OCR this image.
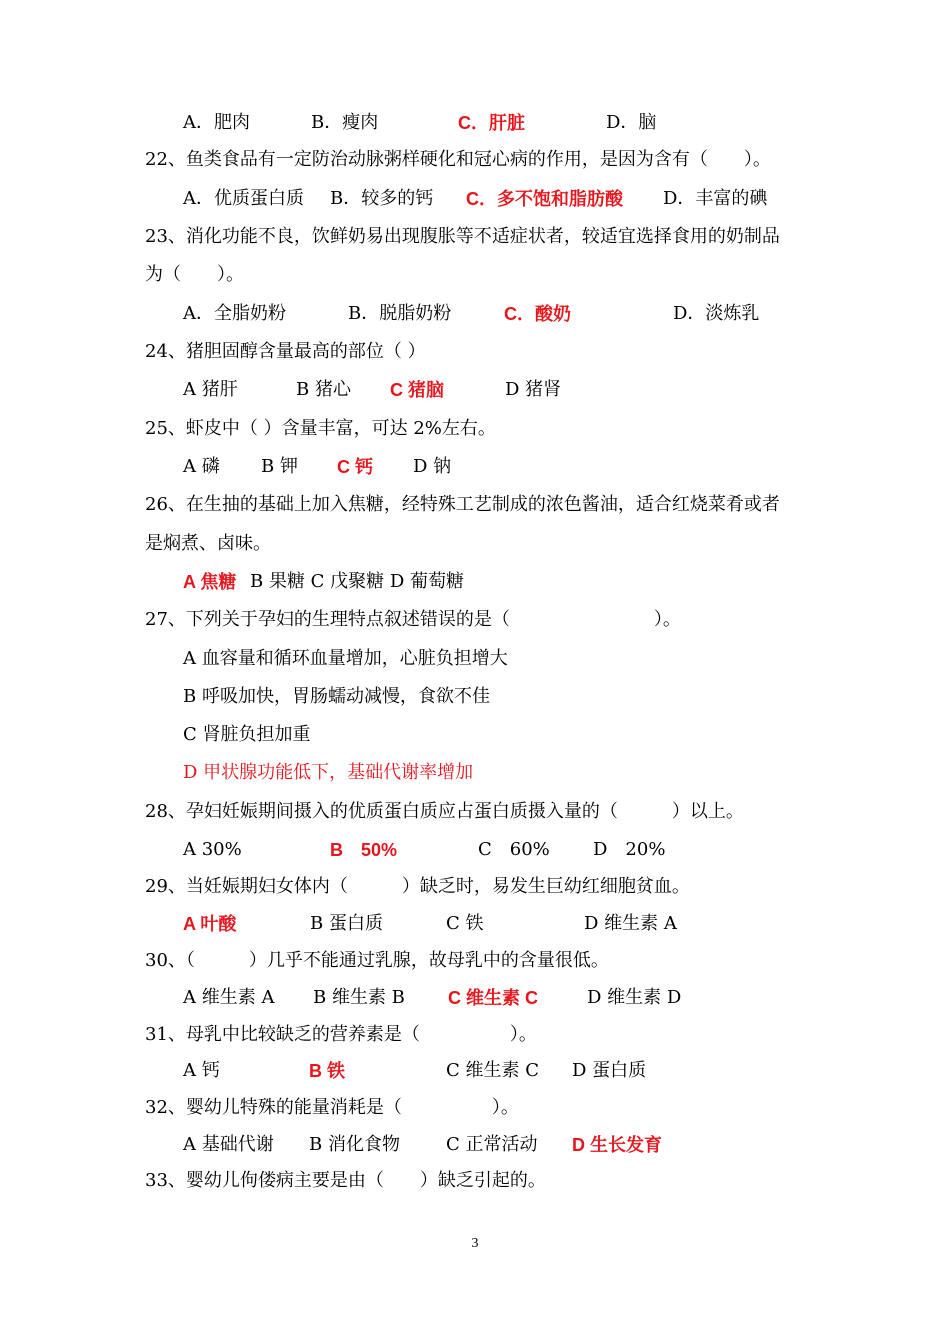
A．肥肉	B．瘦肉	C．肝脏	D．脑
22、鱼类食品有一定防治动脉粥样硬化和冠心病的作用，是因为含有（　　）。
A．优质蛋白质 B．较多的钙 C．多不饱和脂肪酸 D．丰富的碘
23、消化功能不良，饮鲜奶易出现腹胀等不适症状者，较适宜选择食用的奶制品
为（　　）。
A．全脂奶粉	B．脱脂奶粉	C．酸奶	D．淡炼乳
24、猪胆固醇含量最高的部位（ ）
A 猪肝	B 猪心 C 猪脑	D 猪肾
25、虾皮中（ ）含量丰富，可达 2%左右。
A 磷 B 钾 C 钙 D 钠
26、在生抽的基础上加入焦糖，经特殊工艺制成的浓色酱油，适合红烧菜肴或者
是焖煮、卤味。
A 焦糖 B 果糖 C 戊聚糖 D 葡萄糖
27、下列关于孕妇的生理特点叙述错误的是（　　　　　　　　）。
A 血容量和循环血量增加，心脏负担增大
B 呼吸加快，胃肠蠕动减慢，食欲不佳
C 肾脏负担加重
D 甲状腺功能低下，基础代谢率增加
28、孕妇妊娠期间摄入的优质蛋白质应占蛋白质摄入量的（　　　）以上。
A 30%	B　50%	C　60% D　20%
29、当妊娠期妇女体内（　　　）缺乏时，易发生巨幼红细胞贫血。
A 叶酸	B 蛋白质	C 铁	D 维生素 A
30、（　　　）几乎不能通过乳腺，故母乳中的含量很低。
A 维生素 A B 维生素 B C 维生素 C	D 维生素 D
31、母乳中比较缺乏的营养素是（　　　　　）。
A 钙	B 铁	C 维生素 C D 蛋白质
32、婴幼儿特殊的能量消耗是（　　　　　）。
A 基础代谢 B 消化食物	C 正常活动 D 生长发育
33、婴幼儿佝偻病主要是由（　　）缺乏引起的。
3
